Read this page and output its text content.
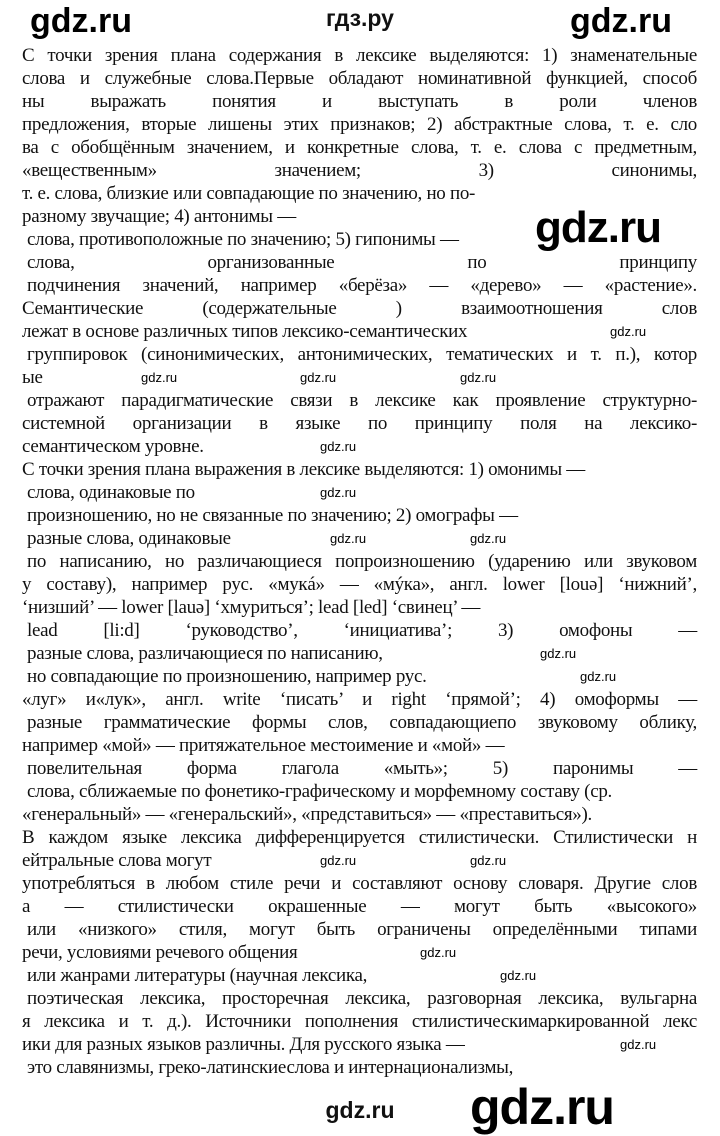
гдз.ру
С точки зрения плана содержания в лексике выделяются: 1) знаменательные
слова и служебные слова.Первые обладают номинативной функцией, способ
ны выражать понятия и выступать в роли членов
предложения, вторые лишены этих признаков; 2) абстрактные слова, т. е. сло
ва с обобщённым значением, и конкретные слова, т. е. слова с предметным,
«вещественным» значением; 3) синонимы,
т. е. слова, близкие или совпадающие по значению, но по-
разному звучащие; 4) антонимы —
слова, противоположные по значению; 5) гипонимы —
слова, организованные по принципу
подчинения значений, например «берёза» — «дерево» — «растение».
Семантические (содержательные ) взаимоотношения слов
лежат в основе различных типов лексико-семантических
группировок (синонимических, антонимических, тематических и т. п.), котор
ые
отражают парадигматические связи в лексике как проявление структурно-
системной организации в языке по принципу поля на лексико-
семантическом уровне.
С точки зрения плана выражения в лексике выделяются: 1) омонимы —
слова, одинаковые по
произношению, но не связанные по значению; 2) омографы —
разные слова, одинаковые
по написанию, но различающиеся попроизношению (ударению или звуковом
у составу), например рус. «мукá» — «мýка», англ. lower [louə] ‘нижний’,
‘низший’ — lower [lauə] ‘хмуриться’; lead [led] ‘свинец’ —
lead [li:d] ‘руководство’, ‘инициатива’; 3) омофоны —
разные слова, различающиеся по написанию,
но совпадающие по произношению, например рус.
«луг» и«лук», англ. write ‘писать’ и right ‘прямой’; 4) омоформы —
разные грамматические формы слов, совпадающиепо звуковому облику,
например «мой» — притяжательное местоимение и «мой» —
повелительная форма глагола «мыть»; 5) паронимы —
слова, сближаемые по фонетико-графическому и морфемному составу (ср.
«генеральный» — «генеральский», «представиться» — «преставиться»).
В каждом языке лексика дифференцируется стилистически. Стилистически н
ейтральные слова могут
употребляться в любом стиле речи и составляют основу словаря. Другие слов
а — стилистически окрашенные — могут быть «высокого»
или «низкого» стиля, могут быть ограничены определёнными типами
речи, условиями речевого общения
или жанрами литературы (научная лексика,
поэтическая лексика, просторечная лексика, разговорная лексика, вульгарна
я лексика и т. д.). Источники пополнения стилистическимаркированной лекс
ики для разных языков различны. Для русского языка —
это славянизмы, греко-латинскиеслова и интернационализмы,
gdz.ru	gdz.ru
gdz.ru
gdz.ru
gdz.ru	gdz.ru	gdz.ru
gdz.ru
gdz.ru
gdz.ru	gdz.ru
gdz.ru
gdz.ru
gdz.ru	gdz.ru
gdz.ru
gdz.ru
gdz.ru
gdz.ru
gdz.ru
